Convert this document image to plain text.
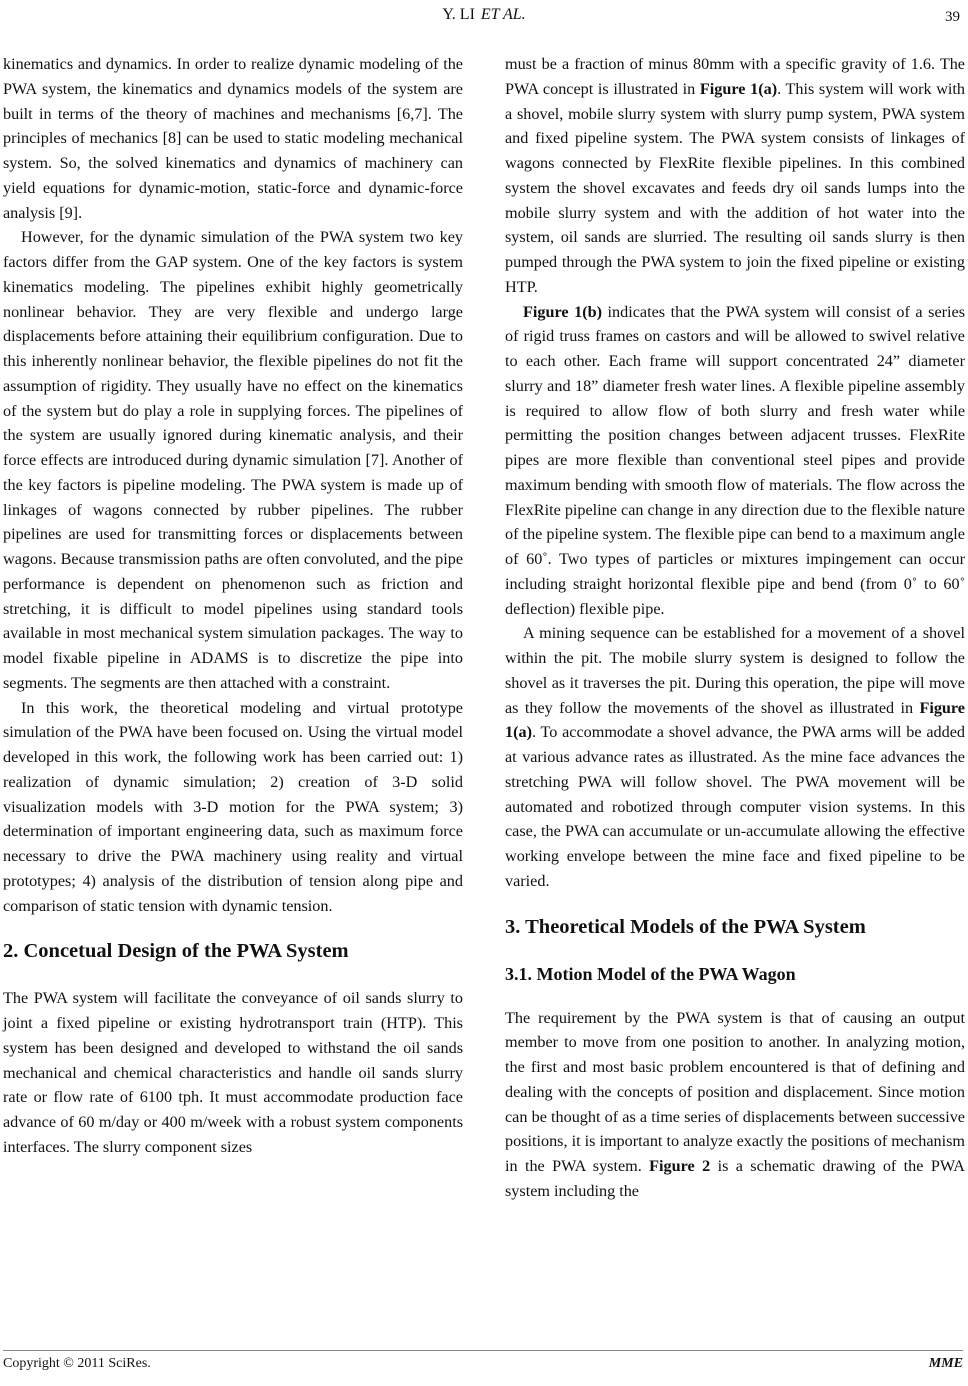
Y. LI ET AL.	39

kinematics and dynamics. In order to realize dynamic modeling of the PWA system, the kinematics and dynamics models of the system are built in terms of the theory of machines and mechanisms [6,7]. The principles of mechanics [8] can be used to static modeling mechanical system. So, the solved kinematics and dynamics of machinery can yield equations for dynamic-motion, static-force and dynamic-force analysis [9].

However, for the dynamic simulation of the PWA system two key factors differ from the GAP system. One of the key factors is system kinematics modeling. The pipelines exhibit highly geometrically nonlinear behavior. They are very flexible and undergo large displacements before attaining their equilibrium configuration. Due to this inherently nonlinear behavior, the flexible pipelines do not fit the assumption of rigidity. They usually have no effect on the kinematics of the system but do play a role in supplying forces. The pipelines of the system are usually ignored during kinematic analysis, and their force effects are introduced during dynamic simulation [7]. Another of the key factors is pipeline modeling. The PWA system is made up of linkages of wagons connected by rubber pipelines. The rubber pipelines are used for transmitting forces or displacements between wagons. Because transmission paths are often convoluted, and the pipe performance is dependent on phenomenon such as friction and stretching, it is difficult to model pipelines using standard tools available in most mechanical system simulation packages. The way to model fixable pipeline in ADAMS is to discretize the pipe into segments. The segments are then attached with a constraint.

In this work, the theoretical modeling and virtual prototype simulation of the PWA have been focused on. Using the virtual model developed in this work, the following work has been carried out: 1) realization of dynamic simulation; 2) creation of 3-D solid visualization models with 3-D motion for the PWA system; 3) determination of important engineering data, such as maximum force necessary to drive the PWA machinery using reality and virtual prototypes; 4) analysis of the distribution of tension along pipe and comparison of static tension with dynamic tension.

2. Concetual Design of the PWA System

The PWA system will facilitate the conveyance of oil sands slurry to joint a fixed pipeline or existing hydrotransport train (HTP). This system has been designed and developed to withstand the oil sands mechanical and chemical characteristics and handle oil sands slurry rate or flow rate of 6100 tph. It must accommodate production face advance of 60 m/day or 400 m/week with a robust system components interfaces. The slurry component sizes

must be a fraction of minus 80mm with a specific gravity of 1.6. The PWA concept is illustrated in Figure 1(a). This system will work with a shovel, mobile slurry system with slurry pump system, PWA system and fixed pipeline system. The PWA system consists of linkages of wagons connected by FlexRite flexible pipelines. In this combined system the shovel excavates and feeds dry oil sands lumps into the mobile slurry system and with the addition of hot water into the system, oil sands are slurried. The resulting oil sands slurry is then pumped through the PWA system to join the fixed pipeline or existing HTP.

Figure 1(b) indicates that the PWA system will consist of a series of rigid truss frames on castors and will be allowed to swivel relative to each other. Each frame will support concentrated 24” diameter slurry and 18” diameter fresh water lines. A flexible pipeline assembly is required to allow flow of both slurry and fresh water while permitting the position changes between adjacent trusses. FlexRite pipes are more flexible than conventional steel pipes and provide maximum bending with smooth flow of materials. The flow across the FlexRite pipeline can change in any direction due to the flexible nature of the pipeline system. The flexible pipe can bend to a maximum angle of 60˚. Two types of particles or mixtures impingement can occur including straight horizontal flexible pipe and bend (from 0˚ to 60˚ deflection) flexible pipe.

A mining sequence can be established for a movement of a shovel within the pit. The mobile slurry system is designed to follow the shovel as it traverses the pit. During this operation, the pipe will move as they follow the movements of the shovel as illustrated in Figure 1(a). To accommodate a shovel advance, the PWA arms will be added at various advance rates as illustrated. As the mine face advances the stretching PWA will follow shovel. The PWA movement will be automated and robotized through computer vision systems. In this case, the PWA can accumulate or un-accumulate allowing the effective working envelope between the mine face and fixed pipeline to be varied.

3. Theoretical Models of the PWA System
3.1. Motion Model of the PWA Wagon

The requirement by the PWA system is that of causing an output member to move from one position to another. In analyzing motion, the first and most basic problem encountered is that of defining and dealing with the concepts of position and displacement. Since motion can be thought of as a time series of displacements between successive positions, it is important to analyze exactly the positions of mechanism in the PWA system. Figure 2 is a schematic drawing of the PWA system including the

Copyright © 2011 SciRes.	MME
